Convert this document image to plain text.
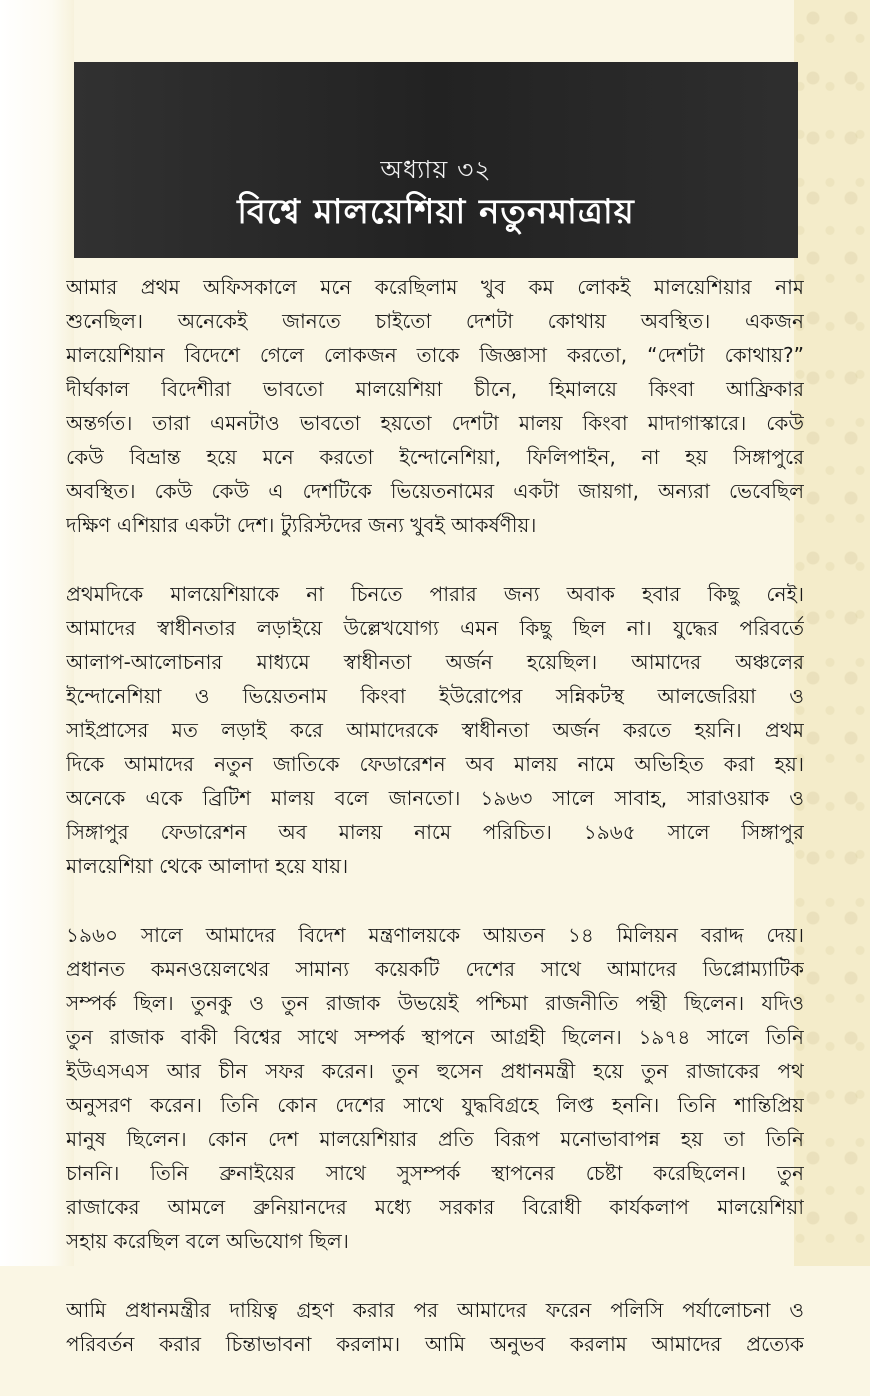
অধ্যায় ৩২
বিশ্বে মালয়েশিয়া নতুনমাত্রায়
আমার প্রথম অফিসকালে মনে করেছিলাম খুব কম লোকই মালয়েশিয়ার নাম
শুনেছিল। অনেকেই জানতে চাইতো দেশটা কোথায় অবস্থিত। একজন
মালয়েশিয়ান বিদেশে গেলে লোকজন তাকে জিজ্ঞাসা করতো, “দেশটা কোথায়?”
দীর্ঘকাল বিদেশীরা ভাবতো মালয়েশিয়া চীনে, হিমালয়ে কিংবা আফ্রিকার
অন্তর্গত। তারা এমনটাও ভাবতো হয়তো দেশটা মালয় কিংবা মাদাগাস্কারে। কেউ
কেউ বিভ্রান্ত হয়ে মনে করতো ইন্দোনেশিয়া, ফিলিপাইন, না হয় সিঙ্গাপুরে
অবস্থিত। কেউ কেউ এ দেশটিকে ভিয়েতনামের একটা জায়গা, অন্যরা ভেবেছিল
দক্ষিণ এশিয়ার একটা দেশ। ট্যুরিস্টদের জন্য খুবই আকর্ষণীয়।
প্রথমদিকে মালয়েশিয়াকে না চিনতে পারার জন্য অবাক হবার কিছু নেই।
আমাদের স্বাধীনতার লড়াইয়ে উল্লেখযোগ্য এমন কিছু ছিল না। যুদ্ধের পরিবর্তে
আলাপ-আলোচনার মাধ্যমে স্বাধীনতা অর্জন হয়েছিল। আমাদের অঞ্চলের
ইন্দোনেশিয়া ও ভিয়েতনাম কিংবা ইউরোপের সন্নিকটস্থ আলজেরিয়া ও
সাইপ্রাসের মত লড়াই করে আমাদেরকে স্বাধীনতা অর্জন করতে হয়নি। প্রথম
দিকে আমাদের নতুন জাতিকে ফেডারেশন অব মালয় নামে অভিহিত করা হয়।
অনেকে একে ব্রিটিশ মালয় বলে জানতো। ১৯৬৩ সালে সাবাহ, সারাওয়াক ও
সিঙ্গাপুর ফেডারেশন অব মালয় নামে পরিচিত। ১৯৬৫ সালে সিঙ্গাপুর
মালয়েশিয়া থেকে আলাদা হয়ে যায়।
১৯৬০ সালে আমাদের বিদেশ মন্ত্রণালয়কে আয়তন ১৪ মিলিয়ন বরাদ্দ দেয়।
প্রধানত কমনওয়েলথের সামান্য কয়েকটি দেশের সাথে আমাদের ডিপ্লোম্যাটিক
সম্পর্ক ছিল। তুনকু ও তুন রাজাক উভয়েই পশ্চিমা রাজনীতি পন্থী ছিলেন। যদিও
তুন রাজাক বাকী বিশ্বের সাথে সম্পর্ক স্থাপনে আগ্রহী ছিলেন। ১৯৭৪ সালে তিনি
ইউএসএস আর চীন সফর করেন। তুন হুসেন প্রধানমন্ত্রী হয়ে তুন রাজাকের পথ
অনুসরণ করেন। তিনি কোন দেশের সাথে যুদ্ধবিগ্রহে লিপ্ত হননি। তিনি শান্তিপ্রিয়
মানুষ ছিলেন। কোন দেশ মালয়েশিয়ার প্রতি বিরূপ মনোভাবাপন্ন হয় তা তিনি
চাননি। তিনি ব্রুনাইয়ের সাথে সুসম্পর্ক স্থাপনের চেষ্টা করেছিলেন। তুন
রাজাকের আমলে ব্রুনিয়ানদের মধ্যে সরকার বিরোধী কার্যকলাপ মালয়েশিয়া
সহায় করেছিল বলে অভিযোগ ছিল।
আমি প্রধানমন্ত্রীর দায়িত্ব গ্রহণ করার পর আমাদের ফরেন পলিসি পর্যালোচনা ও
পরিবর্তন করার চিন্তাভাবনা করলাম। আমি অনুভব করলাম আমাদের প্রত্যেক
